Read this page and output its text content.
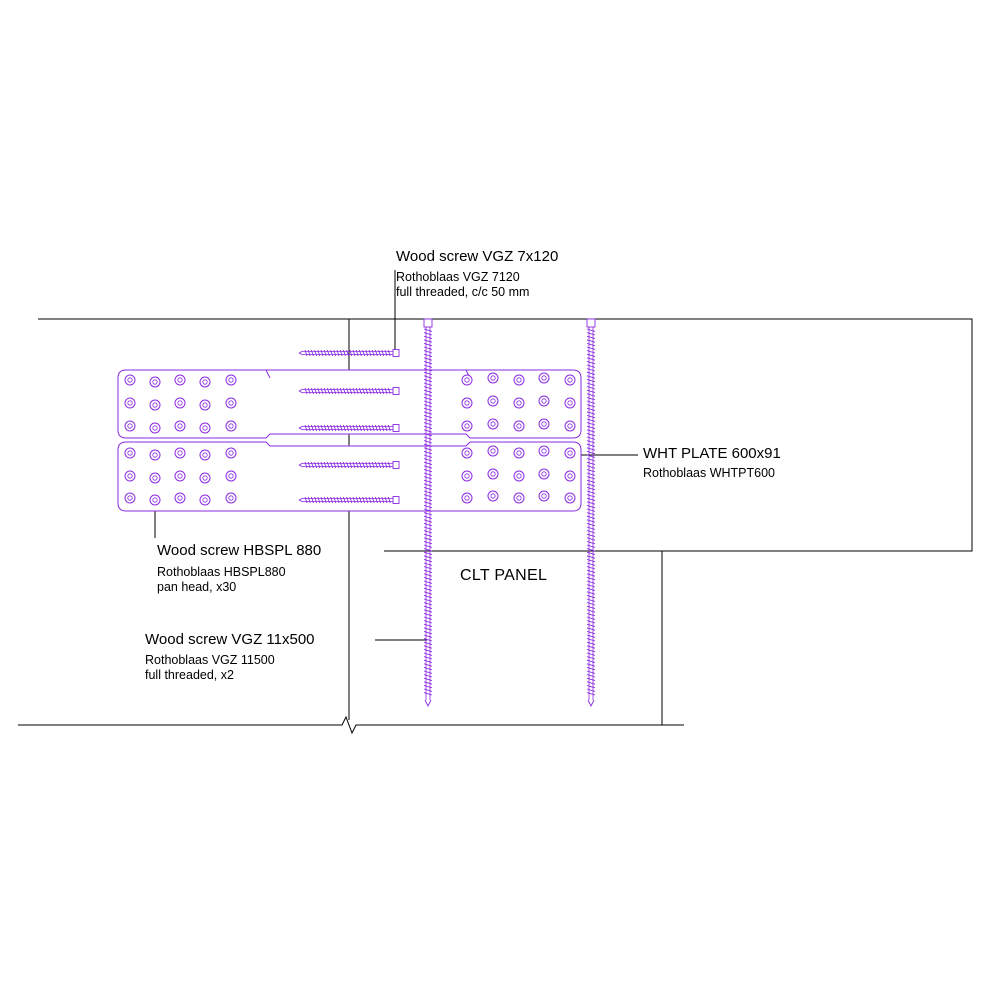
Wood screw VGZ 7x120
Rothoblaas VGZ 7120
full threaded, c/c 50 mm
WHT PLATE 600x91
Rothoblaas WHTPT600
Wood screw HBSPL 880
Rothoblaas HBSPL880
pan head, x30
CLT PANEL
Wood screw VGZ 11x500
Rothoblaas VGZ 11500
full threaded, x2
